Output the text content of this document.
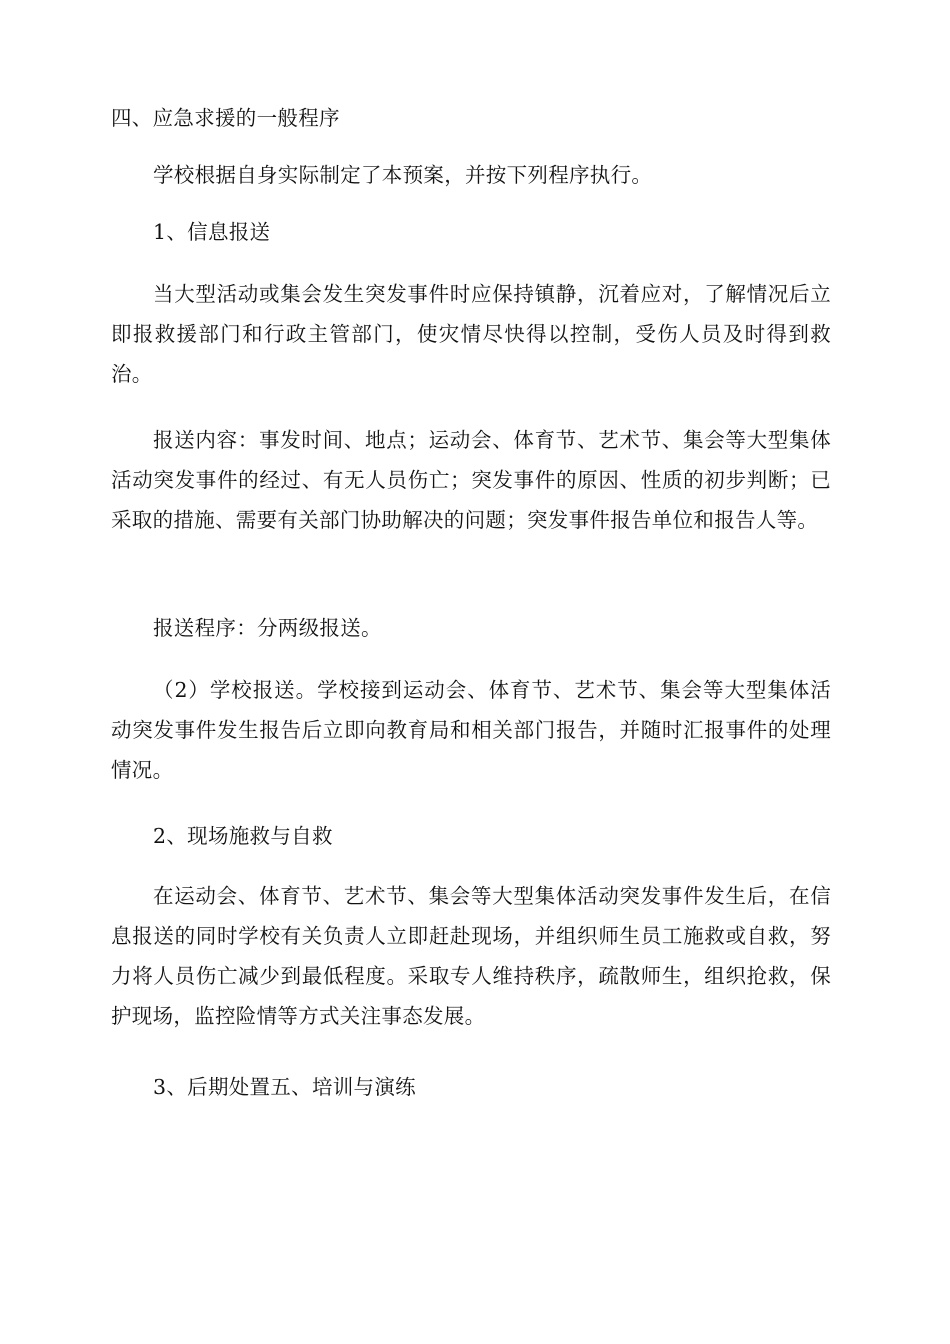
四、应急求援的一般程序

学校根据自身实际制定了本预案，并按下列程序执行。

1、信息报送

当大型活动或集会发生突发事件时应保持镇静，沉着应对，了解情况后立即报救援部门和行政主管部门，使灾情尽快得以控制，受伤人员及时得到救治。

报送内容：事发时间、地点；运动会、体育节、艺术节、集会等大型集体活动突发事件的经过、有无人员伤亡；突发事件的原因、性质的初步判断；已采取的措施、需要有关部门协助解决的问题；突发事件报告单位和报告人等。

报送程序：分两级报送。

（2）学校报送。学校接到运动会、体育节、艺术节、集会等大型集体活动突发事件发生报告后立即向教育局和相关部门报告，并随时汇报事件的处理情况。

2、现场施救与自救

在运动会、体育节、艺术节、集会等大型集体活动突发事件发生后，在信息报送的同时学校有关负责人立即赶赴现场，并组织师生员工施救或自救，努力将人员伤亡减少到最低程度。采取专人维持秩序，疏散师生，组织抢救，保护现场，监控险情等方式关注事态发展。

3、后期处置五、培训与演练
